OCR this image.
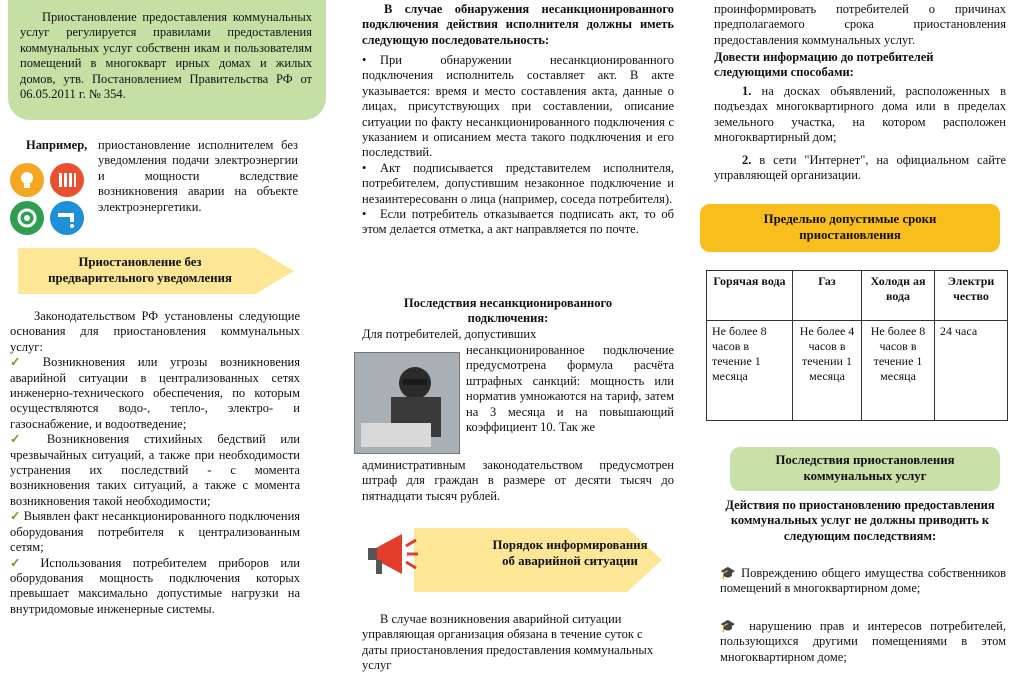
Приостановление предоставления коммунальных услуг регулируется правилами предоставления коммунальных услуг собственн икам и пользователям помещений в многокварт ирных домах и жилых домов, утв. Постановлением Правительства РФ от 06.05.2011 г. № 354.

Например, приостановление исполнителем без уведомления подачи электроэнергии и мощности вследствие возникновения аварии на объекте электроэнергетики.

Приостановление без предварительного уведомления

Законодательством РФ установлены следующие основания для приостановления коммунальных услуг:

✓ Возникновения или угрозы возникновения аварийной ситуации в централизованных сетях инженерно-технического обеспечения, по которым осуществляются водо-, тепло-, электро- и газоснабжение, и водоотведение;

✓ Возникновения стихийных бедствий или чрезвычайных ситуаций, а также при необходимости устранения их последствий - с момента возникновения таких ситуаций, а также с момента возникновения такой необходимости;

✓ Выявлен факт несанкционированного подключения оборудования потребителя к централизованным сетям;

✓ Использования потребителем приборов или оборудования мощность подключения которых превышает максимально допустимые нагрузки на внутридомовые инженерные системы.

В случае обнаружения несанкционированного подключения действия исполнителя должны иметь следующую последовательность:

• При обнаружении несанкционированного подключения исполнитель составляет акт. В акте указывается: время и место составления акта, данные о лицах, присутствующих при составлении, описание ситуации по факту несанкционированного подключения с указанием и описанием места такого подключения и его последствий.

• Акт подписывается представителем исполнителя, потребителем, допустившим незаконное подключение и незаинтересованн о лица (например, соседа потребителя).

• Если потребитель отказывается подписать акт, то об этом делается отметка, а акт направляется по почте.

Последствия несанкционированного подключения:

Для потребителей, допустивших

несанкционированное подключение предусмотрена формула расчёта штрафных санкций: мощность или норматив умножаются на тариф, затем на 3 месяца и на повышающий коэффициент 10. Так же

административным законодательством предусмотрен штраф для граждан в размере от десяти тысяч до пятнадцати тысяч рублей.

Порядок информирования об аварийной ситуации

В случае возникновения аварийной ситуации управляющая организация обязана в течение суток с даты приостановления предоставления коммунальных услуг

проинформировать потребителей о причинах предполагаемого срока приостановления предоставления коммунальных услуг.

Довести информацию до потребителей следующими способами:

1. на досках объявлений, расположенных в подъездах многоквартирного дома или в пределах земельного участка, на котором расположен многоквартирный дом;

2. в сети "Интернет", на официальном сайте управляющей организации.

Предельно допустимые сроки приостановления
Горячая вода	Газ	Холодн ая вода	Электри чество
Не более 8 часов в течение 1 месяца	Не более 4 часов в течении 1 месяца	Не более 8 часов в течение 1 месяца	24 часа
Последствия приостановления коммунальных услуг

Действия по приостановлению предоставления коммунальных услуг не должны приводить к следующим последствиям:

🎓 Повреждению общего имущества собственников помещений в многоквартирном доме;

🎓 нарушению прав и интересов потребителей, пользующихся другими помещениями в этом многоквартирном доме;
